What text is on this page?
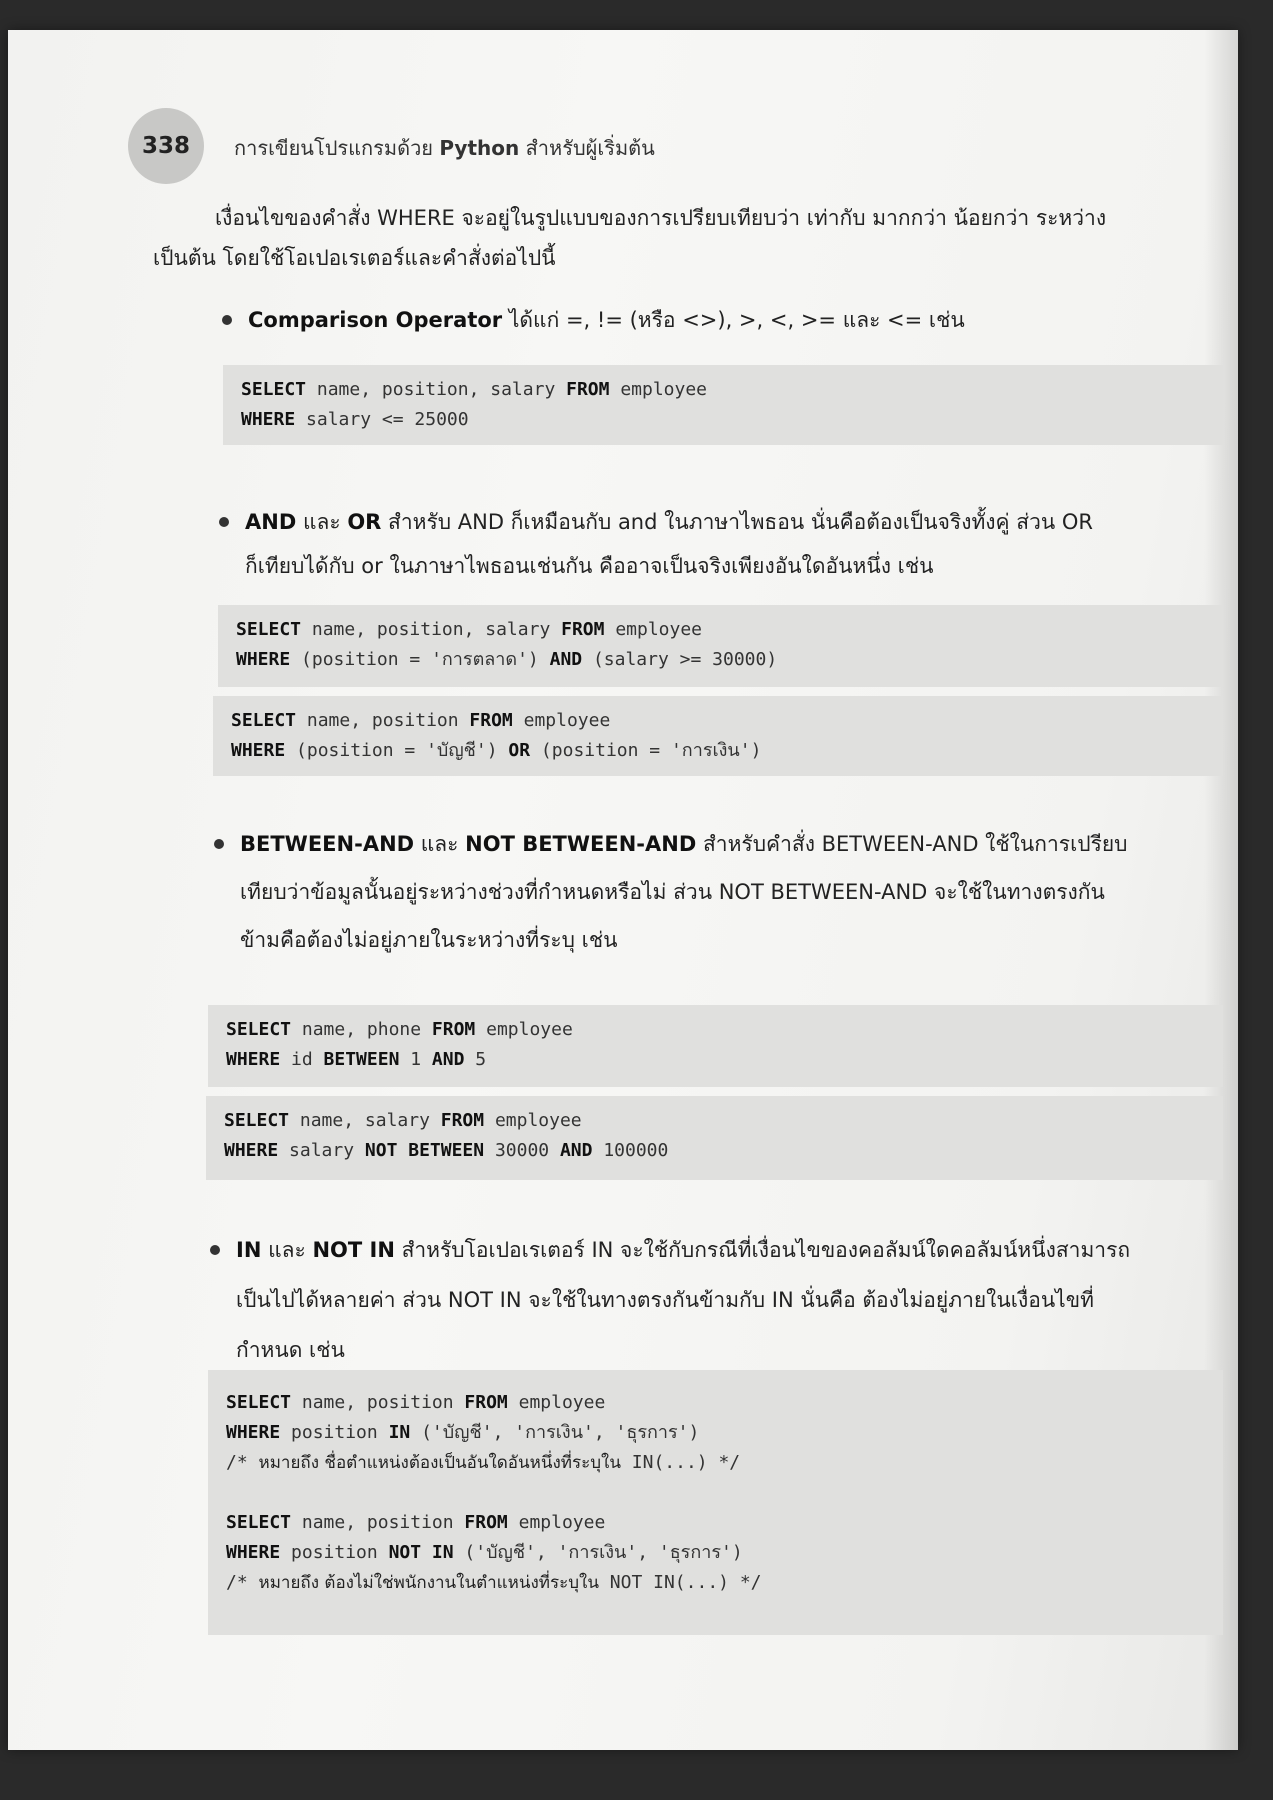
338	การเขียนโปรแกรมด้วย Python สำหรับผู้เริ่มต้น
เงื่อนไขของคำสั่ง WHERE จะอยู่ในรูปแบบของการเปรียบเทียบว่า เท่ากับ มากกว่า น้อยกว่า ระหว่าง
เป็นต้น โดยใช้โอเปอเรเตอร์และคำสั่งต่อไปนี้
Comparison Operator ได้แก่ =, != (หรือ <>), >, <, >= และ <= เช่น
SELECT name, position, salary FROM employee
WHERE salary <= 25000
AND และ OR สำหรับ AND ก็เหมือนกับ and ในภาษาไพธอน นั่นคือต้องเป็นจริงทั้งคู่ ส่วน OR
ก็เทียบได้กับ or ในภาษาไพธอนเช่นกัน คืออาจเป็นจริงเพียงอันใดอันหนึ่ง เช่น
SELECT name, position, salary FROM employee
WHERE (position = 'การตลาด') AND (salary >= 30000)
SELECT name, position FROM employee
WHERE (position = 'บัญชี') OR (position = 'การเงิน')
BETWEEN-AND และ NOT BETWEEN-AND สำหรับคำสั่ง BETWEEN-AND ใช้ในการเปรียบ
เทียบว่าข้อมูลนั้นอยู่ระหว่างช่วงที่กำหนดหรือไม่ ส่วน NOT BETWEEN-AND จะใช้ในทางตรงกัน
ข้ามคือต้องไม่อยู่ภายในระหว่างที่ระบุ เช่น
SELECT name, phone FROM employee
WHERE id BETWEEN 1 AND 5
SELECT name, salary FROM employee
WHERE salary NOT BETWEEN 30000 AND 100000
IN และ NOT IN สำหรับโอเปอเรเตอร์ IN จะใช้กับกรณีที่เงื่อนไขของคอลัมน์ใดคอลัมน์หนึ่งสามารถ
เป็นไปได้หลายค่า ส่วน NOT IN จะใช้ในทางตรงกันข้ามกับ IN นั่นคือ ต้องไม่อยู่ภายในเงื่อนไขที่
กำหนด เช่น
SELECT name, position FROM employee
WHERE position IN ('บัญชี', 'การเงิน', 'ธุรการ')
/* หมายถึง ชื่อตำแหน่งต้องเป็นอันใดอันหนึ่งที่ระบุใน IN(...) */

SELECT name, position FROM employee
WHERE position NOT IN ('บัญชี', 'การเงิน', 'ธุรการ')
/* หมายถึง ต้องไม่ใช่พนักงานในตำแหน่งที่ระบุใน NOT IN(...) */
